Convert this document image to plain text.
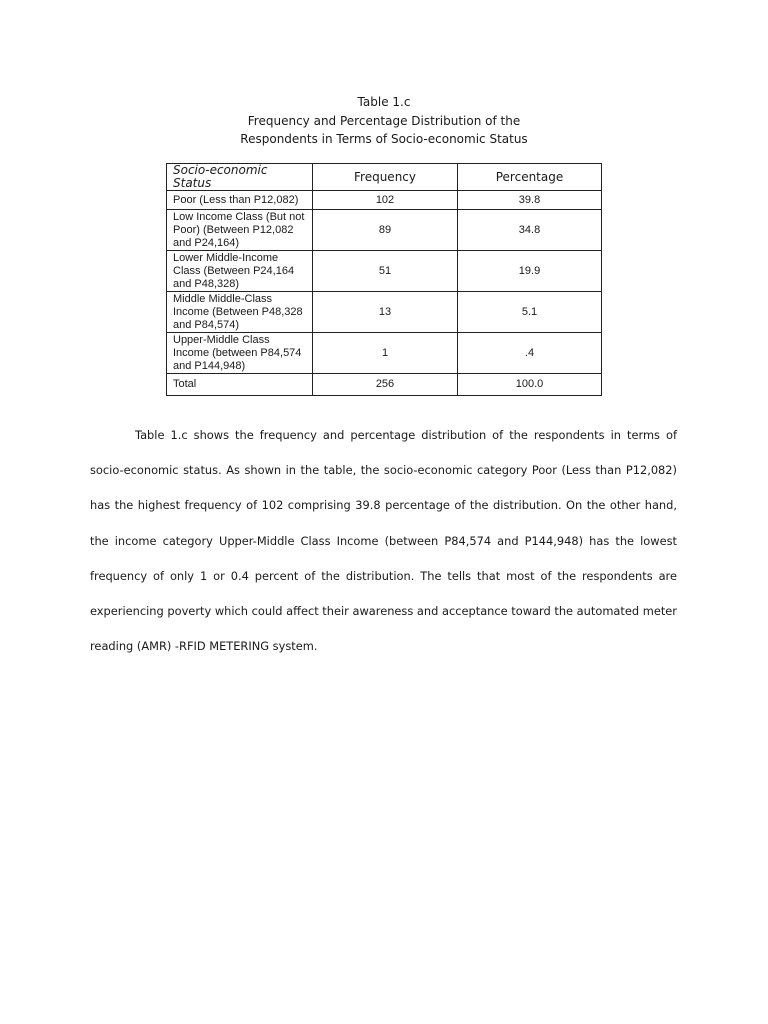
Table 1.c
Frequency and Percentage Distribution of the
Respondents in Terms of Socio-economic Status
Socio-economic Status	Frequency	Percentage
Poor (Less than P12,082)	102	39.8
Low Income Class (But not Poor) (Between P12,082 and P24,164)	89	34.8
Lower Middle-Income Class (Between P24,164 and P48,328)	51	19.9
Middle Middle-Class Income (Between P48,328 and P84,574)	13	5.1
Upper-Middle Class Income (between P84,574 and P144,948)	1	.4
Total	256	100.0

Table 1.c shows the frequency and percentage distribution of the respondents in terms of socio-economic status. As shown in the table, the socio-economic category Poor (Less than P12,082) has the highest frequency of 102 comprising 39.8 percentage of the distribution. On the other hand, the income category Upper-Middle Class Income (between P84,574 and P144,948) has the lowest frequency of only 1 or 0.4 percent of the distribution. The tells that most of the respondents are experiencing poverty which could affect their awareness and acceptance toward the automated meter reading (AMR) -RFID METERING system.
